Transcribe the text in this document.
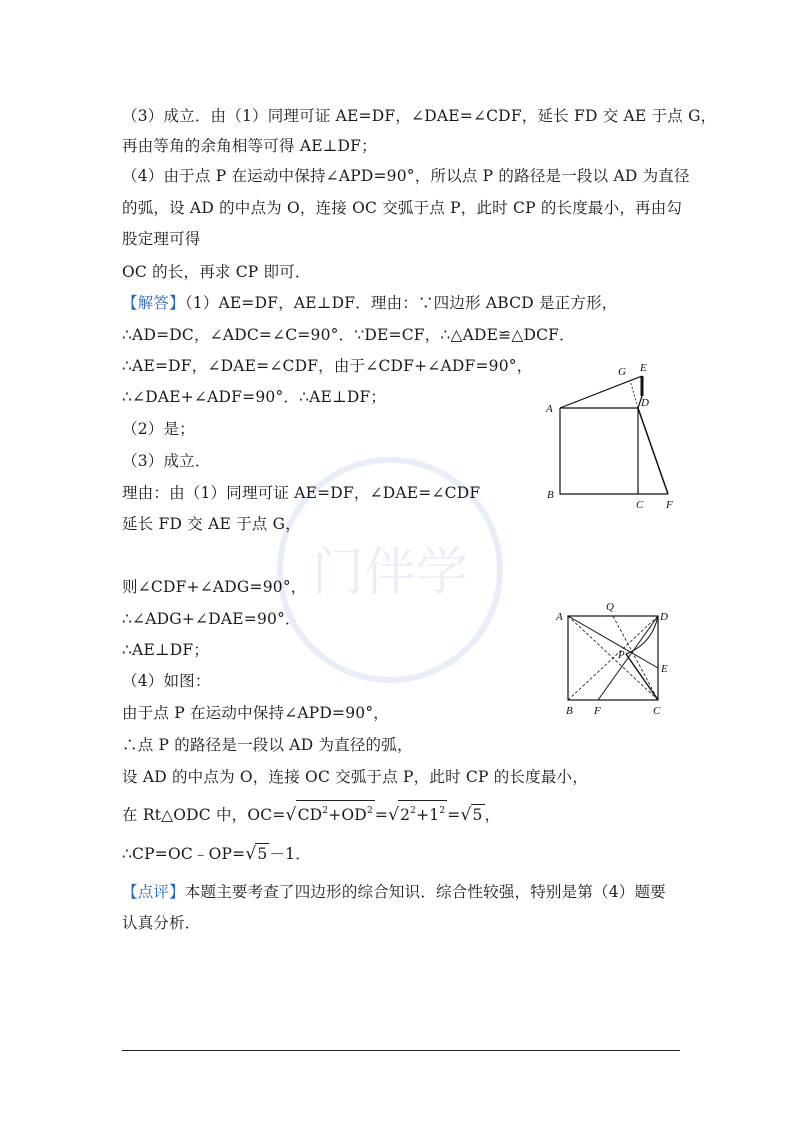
门伴学
（3）成立．由（1）同理可证 AE=DF，∠DAE=∠CDF，延长 FD 交 AE 于点 G，
再由等角的余角相等可得 AE⊥DF；
（4）由于点 P 在运动中保持∠APD=90°，所以点 P 的路径是一段以 AD 为直径
的弧，设 AD 的中点为 O，连接 OC 交弧于点 P，此时 CP 的长度最小，再由勾
股定理可得
OC 的长，再求 CP 即可．
【解答】（1）AE=DF，AE⊥DF．理由：∵四边形 ABCD 是正方形，
∴AD=DC，∠ADC=∠C=90°．∵DE=CF，∴△ADE≌△DCF．
∴AE=DF，∠DAE=∠CDF，由于∠CDF+∠ADF=90°，
∴∠DAE+∠ADF=90°．∴AE⊥DF；
（2）是；
（3）成立．
理由：由（1）同理可证 AE=DF，∠DAE=∠CDF
延长 FD 交 AE 于点 G，
则∠CDF+∠ADG=90°，
∴∠ADG+∠DAE=90°．
∴AE⊥DF；
（4）如图：
由于点 P 在运动中保持∠APD=90°，
∴点 P 的路径是一段以 AD 为直径的弧，
设 AD 的中点为 O，连接 OC 交弧于点 P，此时 CP 的长度最小，
在 Rt△ODC 中，$OC=√CD^2+OD^2 =√2^2+1^2 =√5$ ，
∴CP=OC﹣OP=√5 －1．
【点评】本题主要考查了四边形的综合知识．综合性较强，特别是第（4）题要
认真分析．
G E
A	D
B
C F
A
Q
D
P
E
B F	C
